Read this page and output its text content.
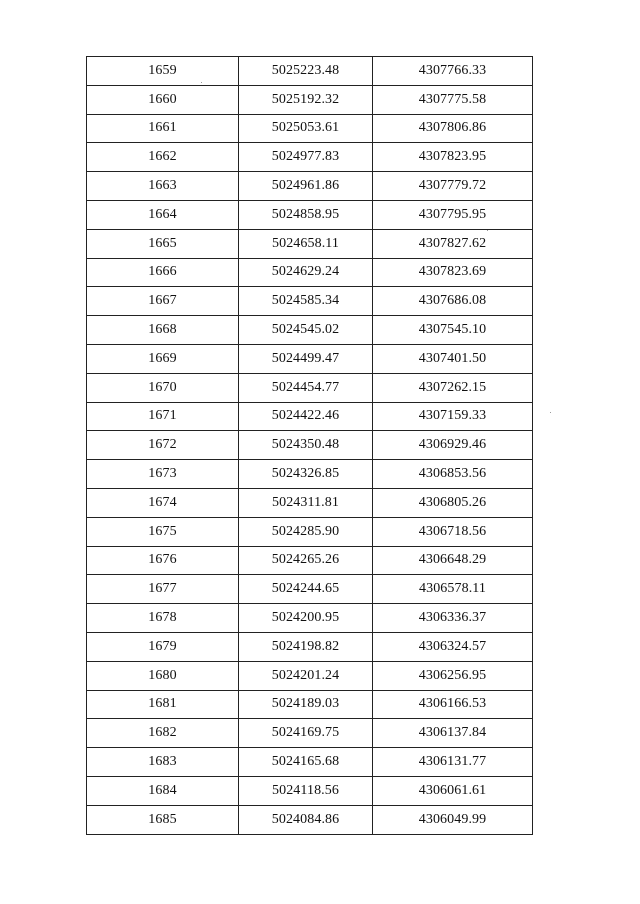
1659	5025223.48	4307766.33
1660	5025192.32	4307775.58
1661	5025053.61	4307806.86
1662	5024977.83	4307823.95
1663	5024961.86	4307779.72
1664	5024858.95	4307795.95
1665	5024658.11	4307827.62
1666	5024629.24	4307823.69
1667	5024585.34	4307686.08
1668	5024545.02	4307545.10
1669	5024499.47	4307401.50
1670	5024454.77	4307262.15
1671	5024422.46	4307159.33
1672	5024350.48	4306929.46
1673	5024326.85	4306853.56
1674	5024311.81	4306805.26
1675	5024285.90	4306718.56
1676	5024265.26	4306648.29
1677	5024244.65	4306578.11
1678	5024200.95	4306336.37
1679	5024198.82	4306324.57
1680	5024201.24	4306256.95
1681	5024189.03	4306166.53
1682	5024169.75	4306137.84
1683	5024165.68	4306131.77
1684	5024118.56	4306061.61
1685	5024084.86	4306049.99
